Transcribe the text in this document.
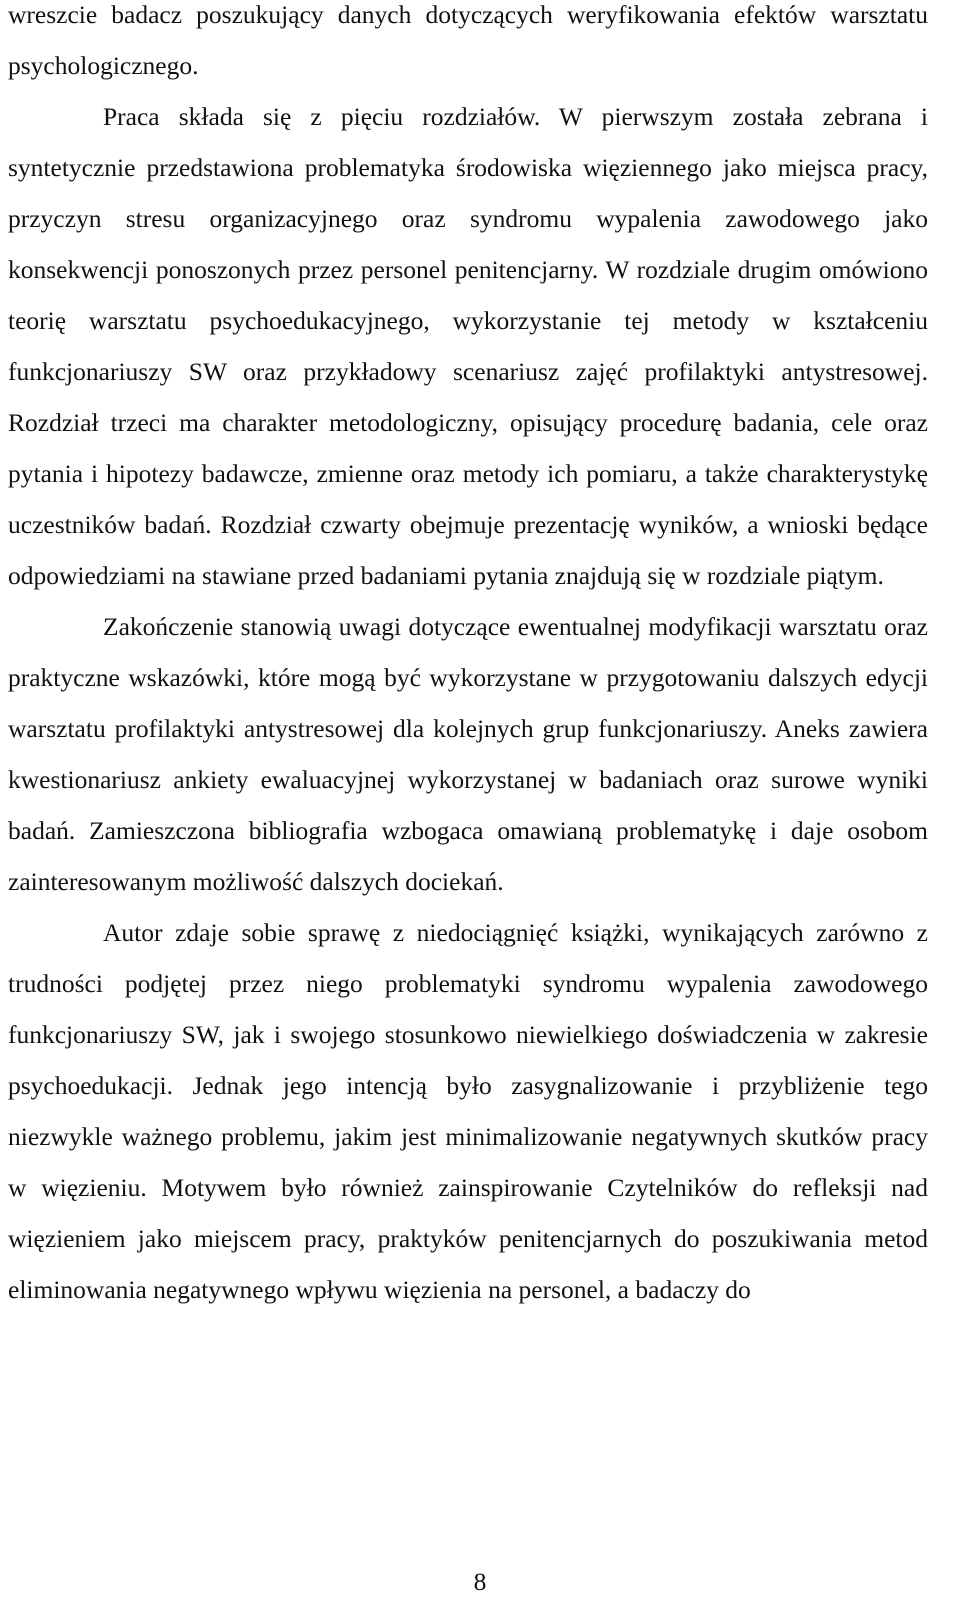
wreszcie badacz poszukujący danych dotyczących weryfikowania efektów warsztatu psychologicznego.

Praca składa się z pięciu rozdziałów. W pierwszym została zebrana i syntetycznie przedstawiona problematyka środowiska więziennego jako miejsca pracy, przyczyn stresu organizacyjnego oraz syndromu wypalenia zawodowego jako konsekwencji ponoszonych przez personel penitencjarny. W rozdziale drugim omówiono teorię warsztatu psychoedukacyjnego, wykorzystanie tej metody w kształceniu funkcjonariuszy SW oraz przykładowy scenariusz zajęć profilaktyki antystresowej. Rozdział trzeci ma charakter metodologiczny, opisujący procedurę badania, cele oraz pytania i hipotezy badawcze, zmienne oraz metody ich pomiaru, a także charakterystykę uczestników badań. Rozdział czwarty obejmuje prezentację wyników, a wnioski będące odpowiedziami na stawiane przed badaniami pytania znajdują się w rozdziale piątym.

Zakończenie stanowią uwagi dotyczące ewentualnej modyfikacji warsztatu oraz praktyczne wskazówki, które mogą być wykorzystane w przygotowaniu dalszych edycji warsztatu profilaktyki antystresowej dla kolejnych grup funkcjonariuszy. Aneks zawiera kwestionariusz ankiety ewaluacyjnej wykorzystanej w badaniach oraz surowe wyniki badań. Zamieszczona bibliografia wzbogaca omawianą problematykę i daje osobom zainteresowanym możliwość dalszych dociekań.

Autor zdaje sobie sprawę z niedociągnięć książki, wynikających zarówno z trudności podjętej przez niego problematyki syndromu wypalenia zawodowego funkcjonariuszy SW, jak i swojego stosunkowo niewielkiego doświadczenia w zakresie psychoedukacji. Jednak jego intencją było zasygnalizowanie i przybliżenie tego niezwykle ważnego problemu, jakim jest minimalizowanie negatywnych skutków pracy w więzieniu. Motywem było również zainspirowanie Czytelników do refleksji nad więzieniem jako miejscem pracy, praktyków penitencjarnych do poszukiwania metod eliminowania negatywnego wpływu więzienia na personel, a badaczy do

8
